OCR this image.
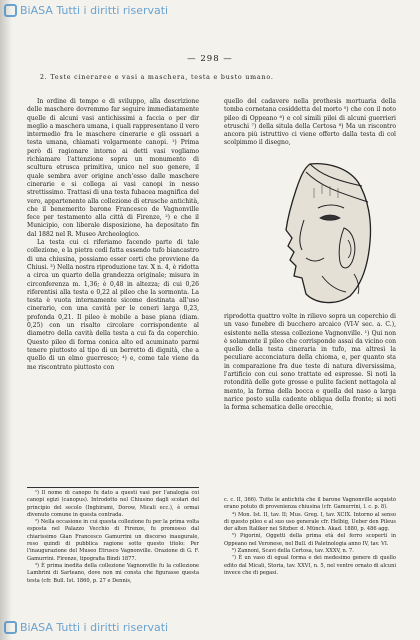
BiASA Tutti i diritti riservati
— 298 —
2. Teste cineraree e vasi a maschera, testa e busto umano.

In ordine di tempo e di sviluppo, alla descrizione delle maschere dovremmo far seguire immediatamente quelle di alcuni vasi antichissimi a faccia o per dir meglio a maschera umana, i quali rappresentano il vero intermedio fra le maschere cinerarie e gli ossuari a testa umana, chiamati volgarmente canopi. ¹) Prima però di ragionare intorno ai detti vasi vogliamo richiamare l'attenzione sopra un monumento di scultura etrusca primitiva, unico nel suo genere, il quale sembra aver origine anch'esso dalle maschere cinerarie e si collega ai vasi canopi in nesso strettissimo. Trattasi di una testa fubacea magnifica del vero, appartenente alla collezione di etrusche antichità, che il benemerito barone Francesco de Vagnonville fece per testamento alla città di Firenze, ²) e che il Municipio, con liberale disposizione, ha depositato fin dal 1882 nel R. Museo Archeologico.

La testa cui ci riferiamo facendo parte di tale collezione, e la pietra cedì fatta essendo tufo biancastro di una chiusina, possiamo esser certi che provviene da Chiusi. ³) Nella nostra riproduzione tav. X n. 4, è ridotta a circa un quarto della grandezza originale; misura in circonferenza m. 1,36; è 0,48 in altezza; di cui 0,26 riferentisi alla testa e 0,22 al pileo che la sormonta. La testa è vuota internamente sicome destinata all'uso cinerario, con una cavità per le ceneri larga 0,23, profonda 0,21. Il pileo è mobile a base piana (diam. 0,25) con un risalto circolare corrispondente al diametro della cavità della testa a cui fa da coperchio. Questo pileo di forma conica alto ed acuminato parmi tenere piuttosto al tipo di un berretto di dignità, che a quello di un elmo guerresco; ⁴) e, come tale viene da me riscontrato piuttosto con

quello del cadavere nella prothesis mortuaria della tomba cornetana cosiddetta del morto ⁵) che con il noto pileo di Oppeano ⁶) e col simili pilei di alcuni guerrieri etruschi ⁷) della situla della Certosa ⁸) Ma un riscontro ancora più istruttivo ci viene offerto dalla testa di col scolpimmo il disegno,

riprodotta quattro volte in rilievo sopra un coperchio di un vaso funebre di bucchero arcaico (VI-V sec. a. C.), esistente nella stessa collezione Vagnonville. ¹) Qui non è solamente il pileo che corrisponde assai da vicino con quello della testa cineraria in tufo, ma altresì la peculiare acconciatura della chioma, e, per quanto sta in comparazione fra due teste di natura diversissima, l'artificio con cui sono trattate ed espresse. Sì noti la rotondità delle gote grosse e pulite facient nettagola al mento, la forma della bocca e quella del naso a larga narice posto sulla cadente obliqua della fronte; si noti la forma schematica delle orecchie,

¹) Il nome di canopo fu dato a questi vasi per l'analogia coi canopi egizi (canopus). Introdotto nel Chiusino dagli scolari del principio del secolo (Inghirami, Dorow, Micali ecc.), è ormai divenuto comune in questa contrada.

²) Nella occasione in cui questa collezione fu per la prima volta esposta nel Palazzo Vecchio di Firenze, fu promosso dal chiarissimo Gian Francesco Gamurrini un discorso inaugurale, reso quindi di pubblica ragione sotto questo titolo: Per l'inaugurazione del Museo Etrusco Vagnonville. Orazione di G. F. Gamurrini. Firenze, tipografia Bindi 1877.

³) È prima inedita della collezione Vagnonville fu la collezione Lambrini di Sarteano, dove non mi consta che figurasse questa testa (cfr. Bull. Ist. 1860, p. 27 e Dennis,

c. c. II, 366). Tutte le antichità che il barone Vagnonville acquistò erano potuto di provenienza chiusina (cfr. Gamurrini, l. c. p. 8).

⁴) Mon. Ist. II, tav. II; Mus. Greg. I, tav. XCIX. Intorno al senso di questo pileo e al suo uso generale cfr. Helbig, Ueber den Pileus der alten Italiker nei Sitzber. d. Münch. Akad. 1880, p. 486 agg.

⁵) Pigorini, Oggetti della prima età del ferro scoperti in Oppeano nel Veronese, nel Bull. di Paletnologia anno IV, tav. VI.

⁶) Zannoni, Scavi della Certosa, tav. XXXV, n. 7.

⁷) È un vaso di egual forma e dei medesimo genere di quello edito dal Micali, Storia, tav. XXVI, n. 5, nel ventre ornato di alcuni invece che di pegasi.

BiASA Tutti i diritti riservati
